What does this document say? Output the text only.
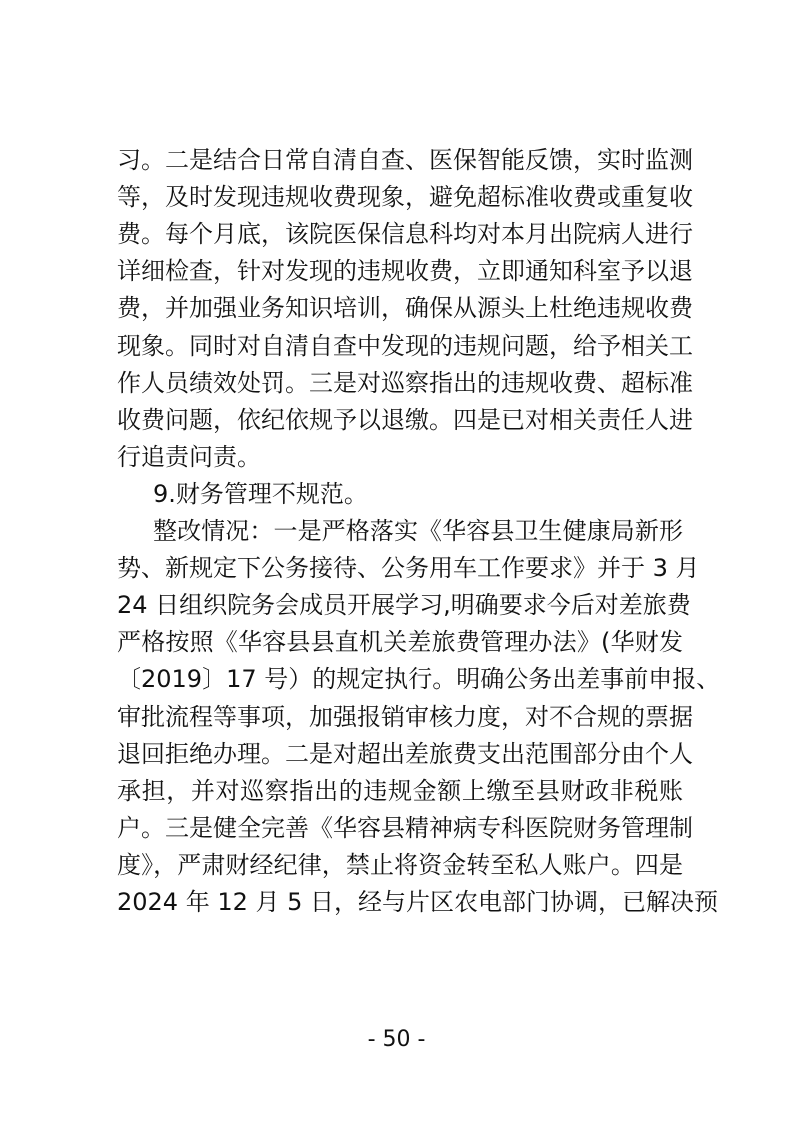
习。二是结合日常自清自查、医保智能反馈，实时监测
等，及时发现违规收费现象，避免超标准收费或重复收
费。每个月底，该院医保信息科均对本月出院病人进行
详细检查，针对发现的违规收费，立即通知科室予以退
费，并加强业务知识培训，确保从源头上杜绝违规收费
现象。同时对自清自查中发现的违规问题，给予相关工
作人员绩效处罚。三是对巡察指出的违规收费、超标准
收费问题，依纪依规予以退缴。四是已对相关责任人进
行追责问责。
9.财务管理不规范。
整改情况：一是严格落实《华容县卫生健康局新形
势、新规定下公务接待、公务用车工作要求》并于 3 月
24 日组织院务会成员开展学习,明确要求今后对差旅费
严格按照《华容县县直机关差旅费管理办法》(华财发
〔2019〕17 号）的规定执行。明确公务出差事前申报、
审批流程等事项，加强报销审核力度，对不合规的票据
退回拒绝办理。二是对超出差旅费支出范围部分由个人
承担，并对巡察指出的违规金额上缴至县财政非税账
户。三是健全完善《华容县精神病专科医院财务管理制
度》，严肃财经纪律，禁止将资金转至私人账户。四是
2024 年 12 月 5 日，经与片区农电部门协调，已解决预
- 50 -
